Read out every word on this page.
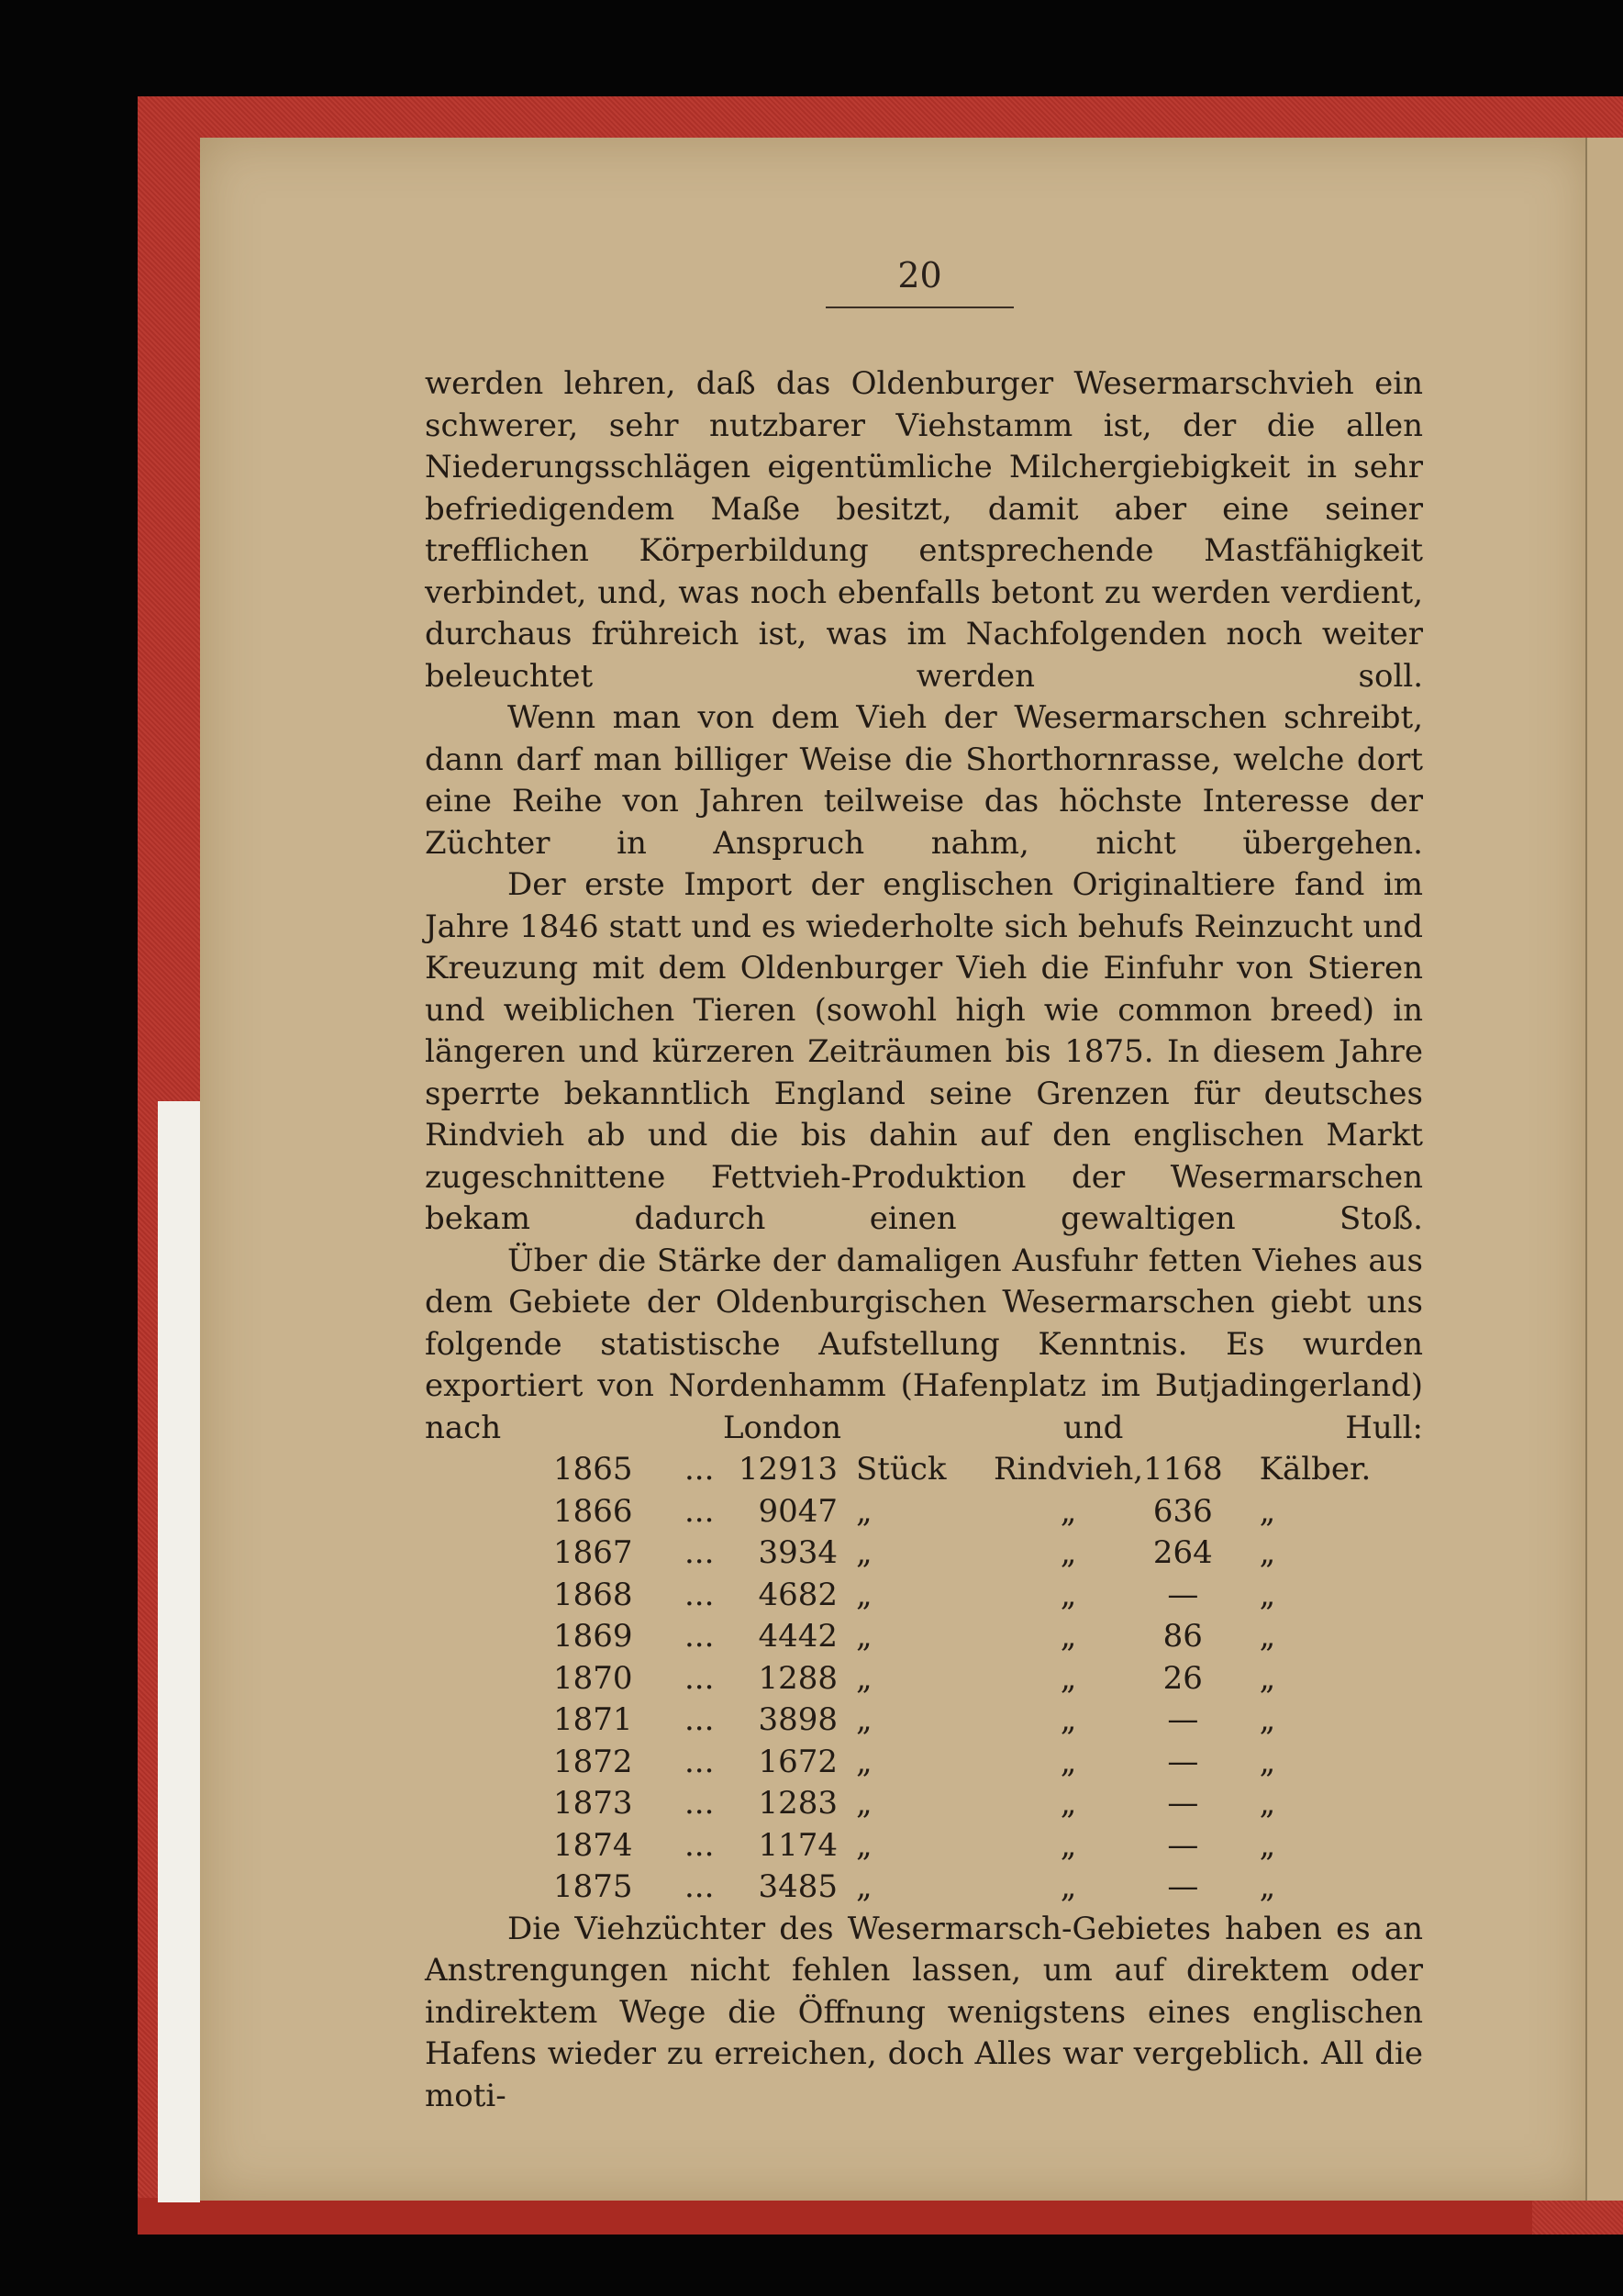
20

werden lehren, daß das Oldenburger Wesermarschvieh ein schwerer, sehr nutzbarer Viehstamm ist, der die allen Niederungsschlägen eigentümliche Milchergiebigkeit in sehr befriedigendem Maße besitzt, damit aber eine seiner trefflichen Körperbildung entsprechende Mastfähigkeit verbindet, und, was noch ebenfalls betont zu werden verdient, durchaus frühreich ist, was im Nachfolgenden noch weiter beleuchtet werden soll.

Wenn man von dem Vieh der Wesermarschen schreibt, dann darf man billiger Weise die Shorthornrasse, welche dort eine Reihe von Jahren teilweise das höchste Interesse der Züchter in Anspruch nahm, nicht übergehen.

Der erste Import der englischen Originaltiere fand im Jahre 1846 statt und es wiederholte sich behufs Reinzucht und Kreuzung mit dem Oldenburger Vieh die Einfuhr von Stieren und weiblichen Tieren (sowohl high wie common breed) in längeren und kürzeren Zeiträumen bis 1875. In diesem Jahre sperrte bekanntlich England seine Grenzen für deutsches Rindvieh ab und die bis dahin auf den englischen Markt zugeschnittene Fettvieh-Produktion der Wesermarschen bekam dadurch einen gewaltigen Stoß.

Über die Stärke der damaligen Ausfuhr fetten Viehes aus dem Gebiete der Oldenburgischen Wesermarschen giebt uns folgende statistische Aufstellung Kenntnis. Es wurden exportiert von Nordenhamm (Hafenplatz im Butjadingerland) nach London und Hull:

1865	...	12913	Stück	Rindvieh,	1168	Kälber.
1866	...	9047	„	„	636	„
1867	...	3934	„	„	264	„
1868	...	4682	„	„	—	„
1869	...	4442	„	„	86	„
1870	...	1288	„	„	26	„
1871	...	3898	„	„	—	„
1872	...	1672	„	„	—	„
1873	...	1283	„	„	—	„
1874	...	1174	„	„	—	„
1875	...	3485	„	„	—	„

Die Viehzüchter des Wesermarsch-Gebietes haben es an Anstrengungen nicht fehlen lassen, um auf direktem oder indirektem Wege die Öffnung wenigstens eines englischen Hafens wieder zu erreichen, doch Alles war vergeblich. All die moti-
